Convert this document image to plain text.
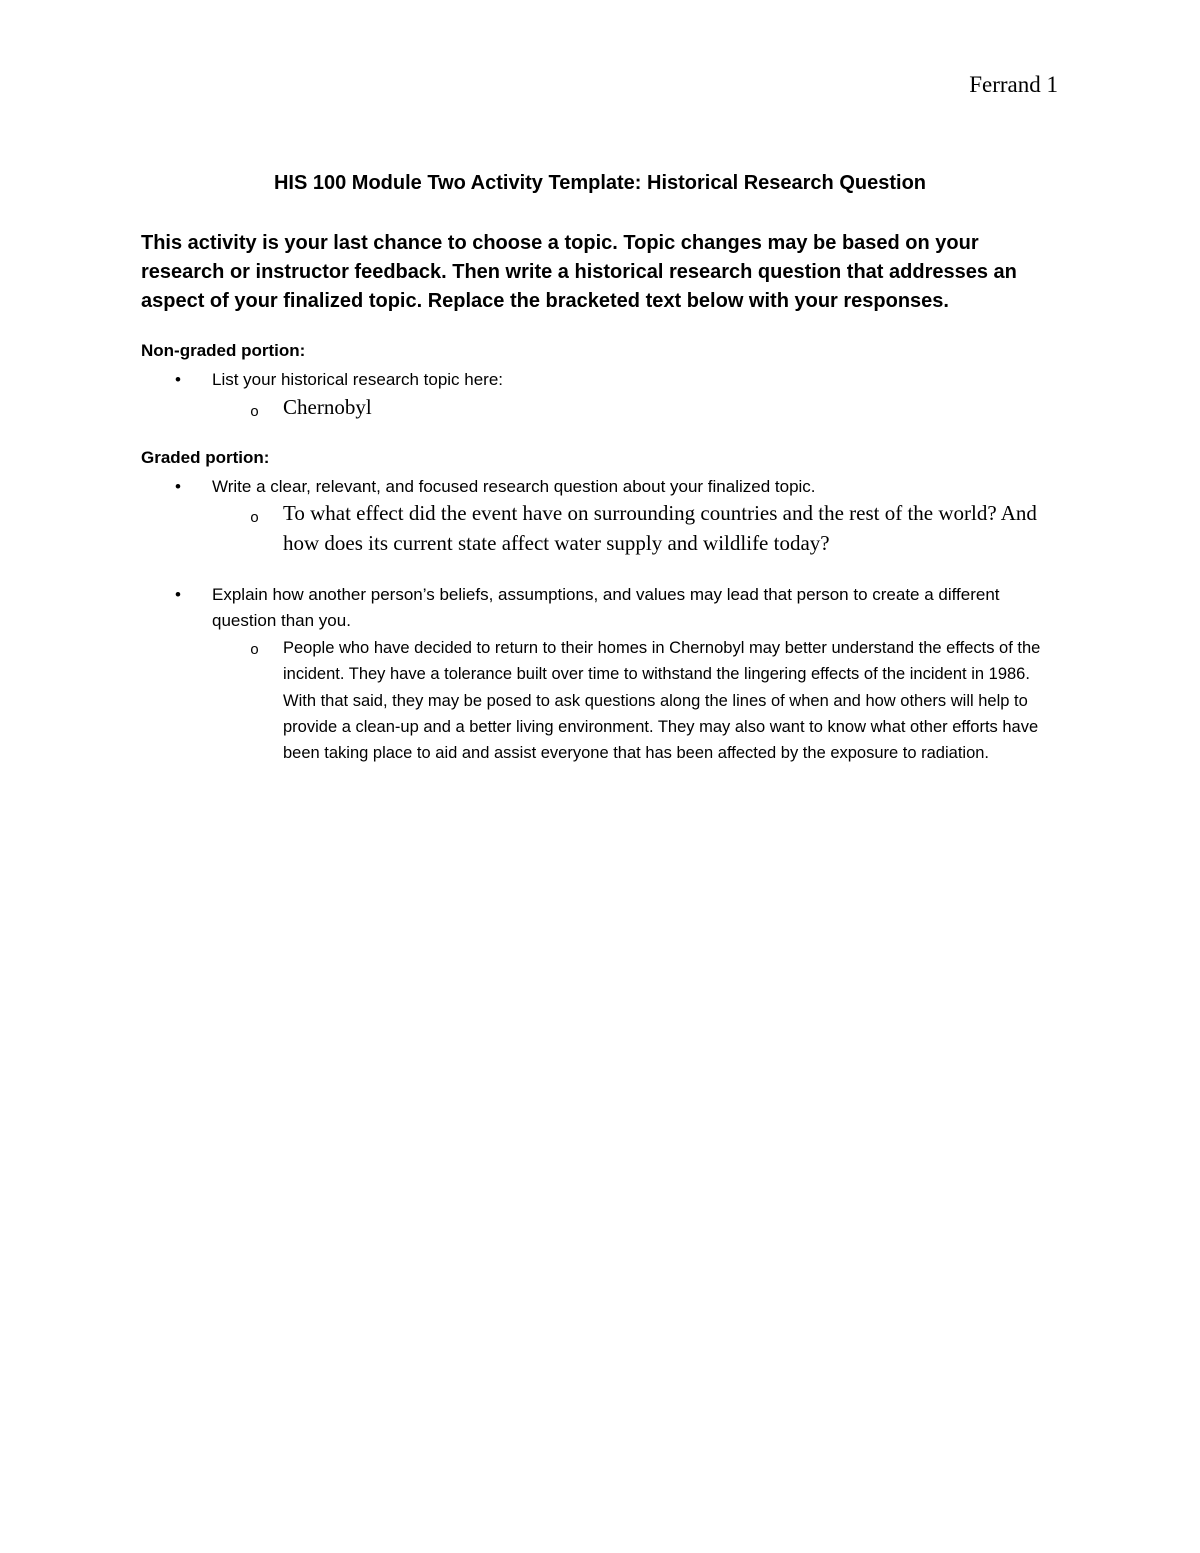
Ferrand 1
HIS 100 Module Two Activity Template: Historical Research Question
This activity is your last chance to choose a topic. Topic changes may be based on your research or instructor feedback. Then write a historical research question that addresses an aspect of your finalized topic. Replace the bracketed text below with your responses.
Non-graded portion:
• List your historical research topic here:
o Chernobyl
Graded portion:
• Write a clear, relevant, and focused research question about your finalized topic.
o To what effect did the event have on surrounding countries and the rest of the world? And how does its current state affect water supply and wildlife today?
• Explain how another person’s beliefs, assumptions, and values may lead that person to create a different question than you.
o People who have decided to return to their homes in Chernobyl may better understand the effects of the incident. They have a tolerance built over time to withstand the lingering effects of the incident in 1986. With that said, they may be posed to ask questions along the lines of when and how others will help to provide a clean-up and a better living environment. They may also want to know what other efforts have been taking place to aid and assist everyone that has been affected by the exposure to radiation.
